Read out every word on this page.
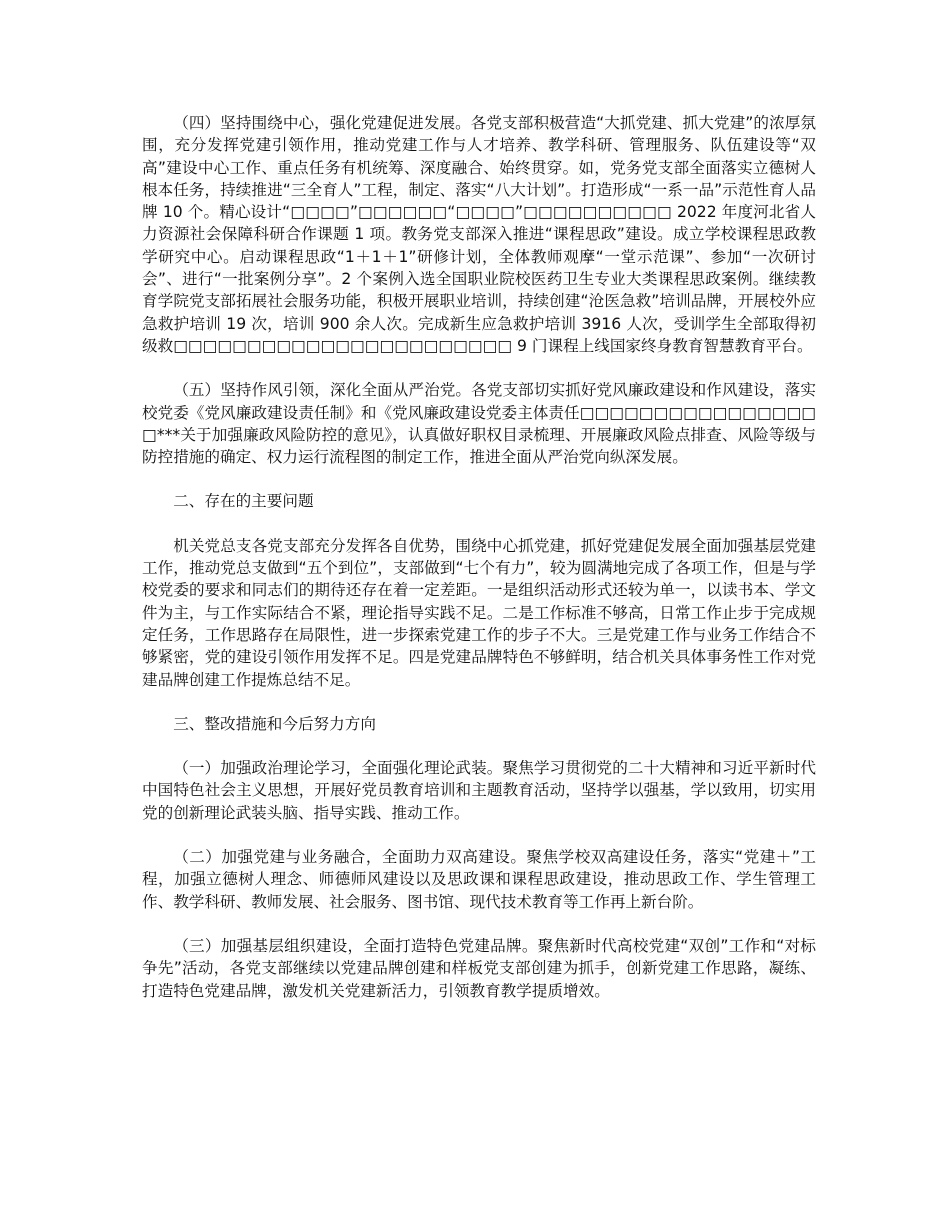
（四）坚持围绕中心，强化党建促进发展。各党支部积极营造“大抓党建、抓大党建”的浓厚氛围，充分发挥党建引领作用，推动党建工作与人才培养、教学科研、管理服务、队伍建设等“双高”建设中心工作、重点任务有机统筹、深度融合、始终贯穿。如，党务党支部全面落实立德树人根本任务，持续推进“三全育人”工程，制定、落实“八大计划”。打造形成“一系一品”示范性育人品牌 10 个。精心设计“□□□□”□□□□□□“□□□□”□□□□□□□□□□ 2022 年度河北省人力资源社会保障科研合作课题 1 项。教务党支部深入推进“课程思政”建设。成立学校课程思政教学研究中心。启动课程思政“1＋1＋1”研修计划，全体教师观摩“一堂示范课”、参加“一次研讨会”、进行“一批案例分享”。2 个案例入选全国职业院校医药卫生专业大类课程思政案例。继续教育学院党支部拓展社会服务功能，积极开展职业培训，持续创建“沧医急救”培训品牌，开展校外应急救护培训 19 次，培训 900 余人次。完成新生应急救护培训 3916 人次，受训学生全部取得初级救□□□□□□□□□□□□□□□□□□□□□□□ 9 门课程上线国家终身教育智慧教育平台。

（五）坚持作风引领，深化全面从严治党。各党支部切实抓好党风廉政建设和作风建设，落实校党委《党风廉政建设责任制》和《党风廉政建设党委主体责任□□□□□□□□□□□□□□□□□***关于加强廉政风险防控的意见》，认真做好职权目录梳理、开展廉政风险点排查、风险等级与防控措施的确定、权力运行流程图的制定工作，推进全面从严治党向纵深发展。

二、存在的主要问题

机关党总支各党支部充分发挥各自优势，围绕中心抓党建，抓好党建促发展全面加强基层党建工作，推动党总支做到“五个到位”，支部做到“七个有力”，较为圆满地完成了各项工作，但是与学校党委的要求和同志们的期待还存在着一定差距。一是组织活动形式还较为单一，以读书本、学文件为主，与工作实际结合不紧，理论指导实践不足。二是工作标准不够高，日常工作止步于完成规定任务，工作思路存在局限性，进一步探索党建工作的步子不大。三是党建工作与业务工作结合不够紧密，党的建设引领作用发挥不足。四是党建品牌特色不够鲜明，结合机关具体事务性工作对党建品牌创建工作提炼总结不足。

三、整改措施和今后努力方向

（一）加强政治理论学习，全面强化理论武装。聚焦学习贯彻党的二十大精神和习近平新时代中国特色社会主义思想，开展好党员教育培训和主题教育活动，坚持学以强基，学以致用，切实用党的创新理论武装头脑、指导实践、推动工作。

（二）加强党建与业务融合，全面助力双高建设。聚焦学校双高建设任务，落实“党建＋”工程，加强立德树人理念、师德师风建设以及思政课和课程思政建设，推动思政工作、学生管理工作、教学科研、教师发展、社会服务、图书馆、现代技术教育等工作再上新台阶。

（三）加强基层组织建设，全面打造特色党建品牌。聚焦新时代高校党建“双创”工作和“对标争先”活动，各党支部继续以党建品牌创建和样板党支部创建为抓手，创新党建工作思路，凝练、打造特色党建品牌，激发机关党建新活力，引领教育教学提质增效。
